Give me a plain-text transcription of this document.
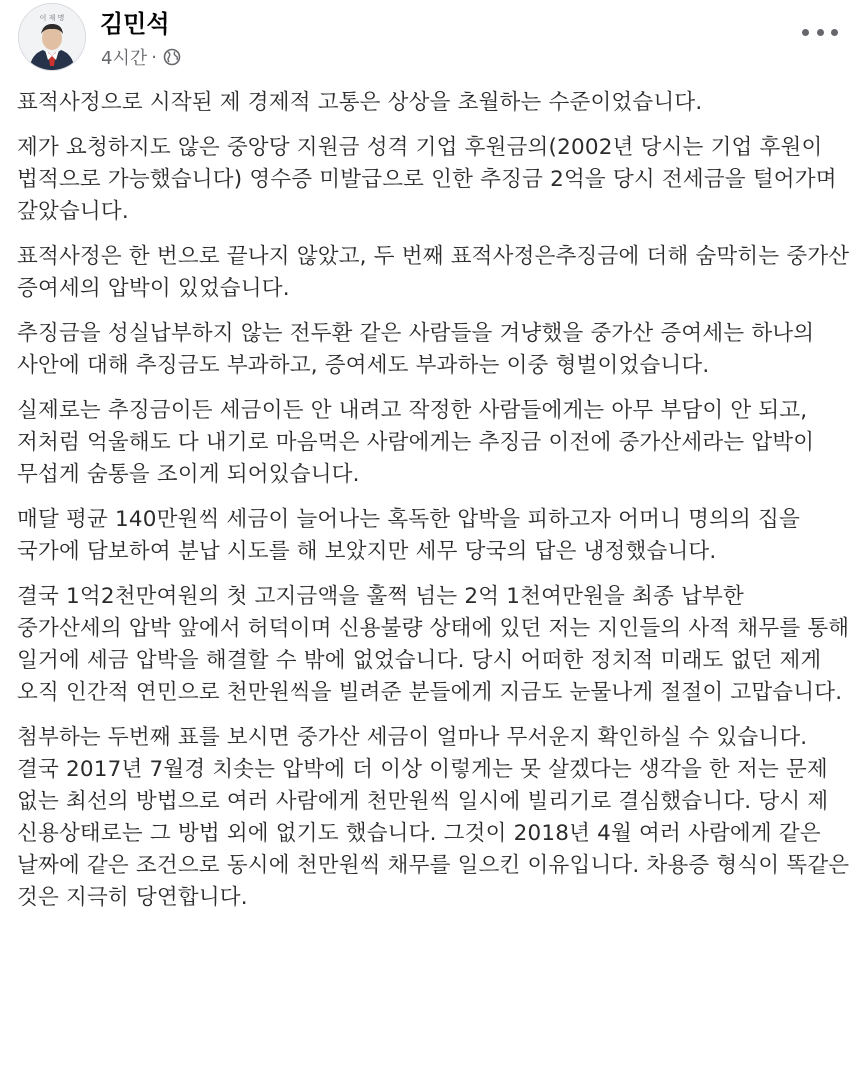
이 재 명 김민석
4시간 ·

표적사정으로 시작된 제 경제적 고통은 상상을 초월하는 수준이었습니다.

제가 요청하지도 않은 중앙당 지원금 성격 기업 후원금의(2002년 당시는 기업 후원이 법적으로 가능했습니다) 영수증 미발급으로 인한 추징금 2억을 당시 전세금을 털어가며 갚았습니다.

표적사정은 한 번으로 끝나지 않았고, 두 번째 표적사정은추징금에 더해 숨막히는 중가산 증여세의 압박이 있었습니다.

추징금을 성실납부하지 않는 전두환 같은 사람들을 겨냥했을 중가산 증여세는 하나의 사안에 대해 추징금도 부과하고, 증여세도 부과하는 이중 형벌이었습니다.

실제로는 추징금이든 세금이든 안 내려고 작정한 사람들에게는 아무 부담이 안 되고, 저처럼 억울해도 다 내기로 마음먹은 사람에게는 추징금 이전에 중가산세라는 압박이 무섭게 숨통을 조이게 되어있습니다.

매달 평균 140만원씩 세금이 늘어나는 혹독한 압박을 피하고자 어머니 명의의 집을 국가에 담보하여 분납 시도를 해 보았지만 세무 당국의 답은 냉정했습니다.

결국 1억2천만여원의 첫 고지금액을 훌쩍 넘는 2억 1천여만원을 최종 납부한 중가산세의 압박 앞에서 허덕이며 신용불량 상태에 있던 저는 지인들의 사적 채무를 통해 일거에 세금 압박을 해결할 수 밖에 없었습니다. 당시 어떠한 정치적 미래도 없던 제게 오직 인간적 연민으로 천만원씩을 빌려준 분들에게 지금도 눈물나게 절절이 고맙습니다.

첨부하는 두번째 표를 보시면 중가산 세금이 얼마나 무서운지 확인하실 수 있습니다. 결국 2017년 7월경 치솟는 압박에 더 이상 이렇게는 못 살겠다는 생각을 한 저는 문제 없는 최선의 방법으로 여러 사람에게 천만원씩 일시에 빌리기로 결심했습니다. 당시 제 신용상태로는 그 방법 외에 없기도 했습니다. 그것이 2018년 4월 여러 사람에게 같은 날짜에 같은 조건으로 동시에 천만원씩 채무를 일으킨 이유입니다. 차용증 형식이 똑같은 것은 지극히 당연합니다.
